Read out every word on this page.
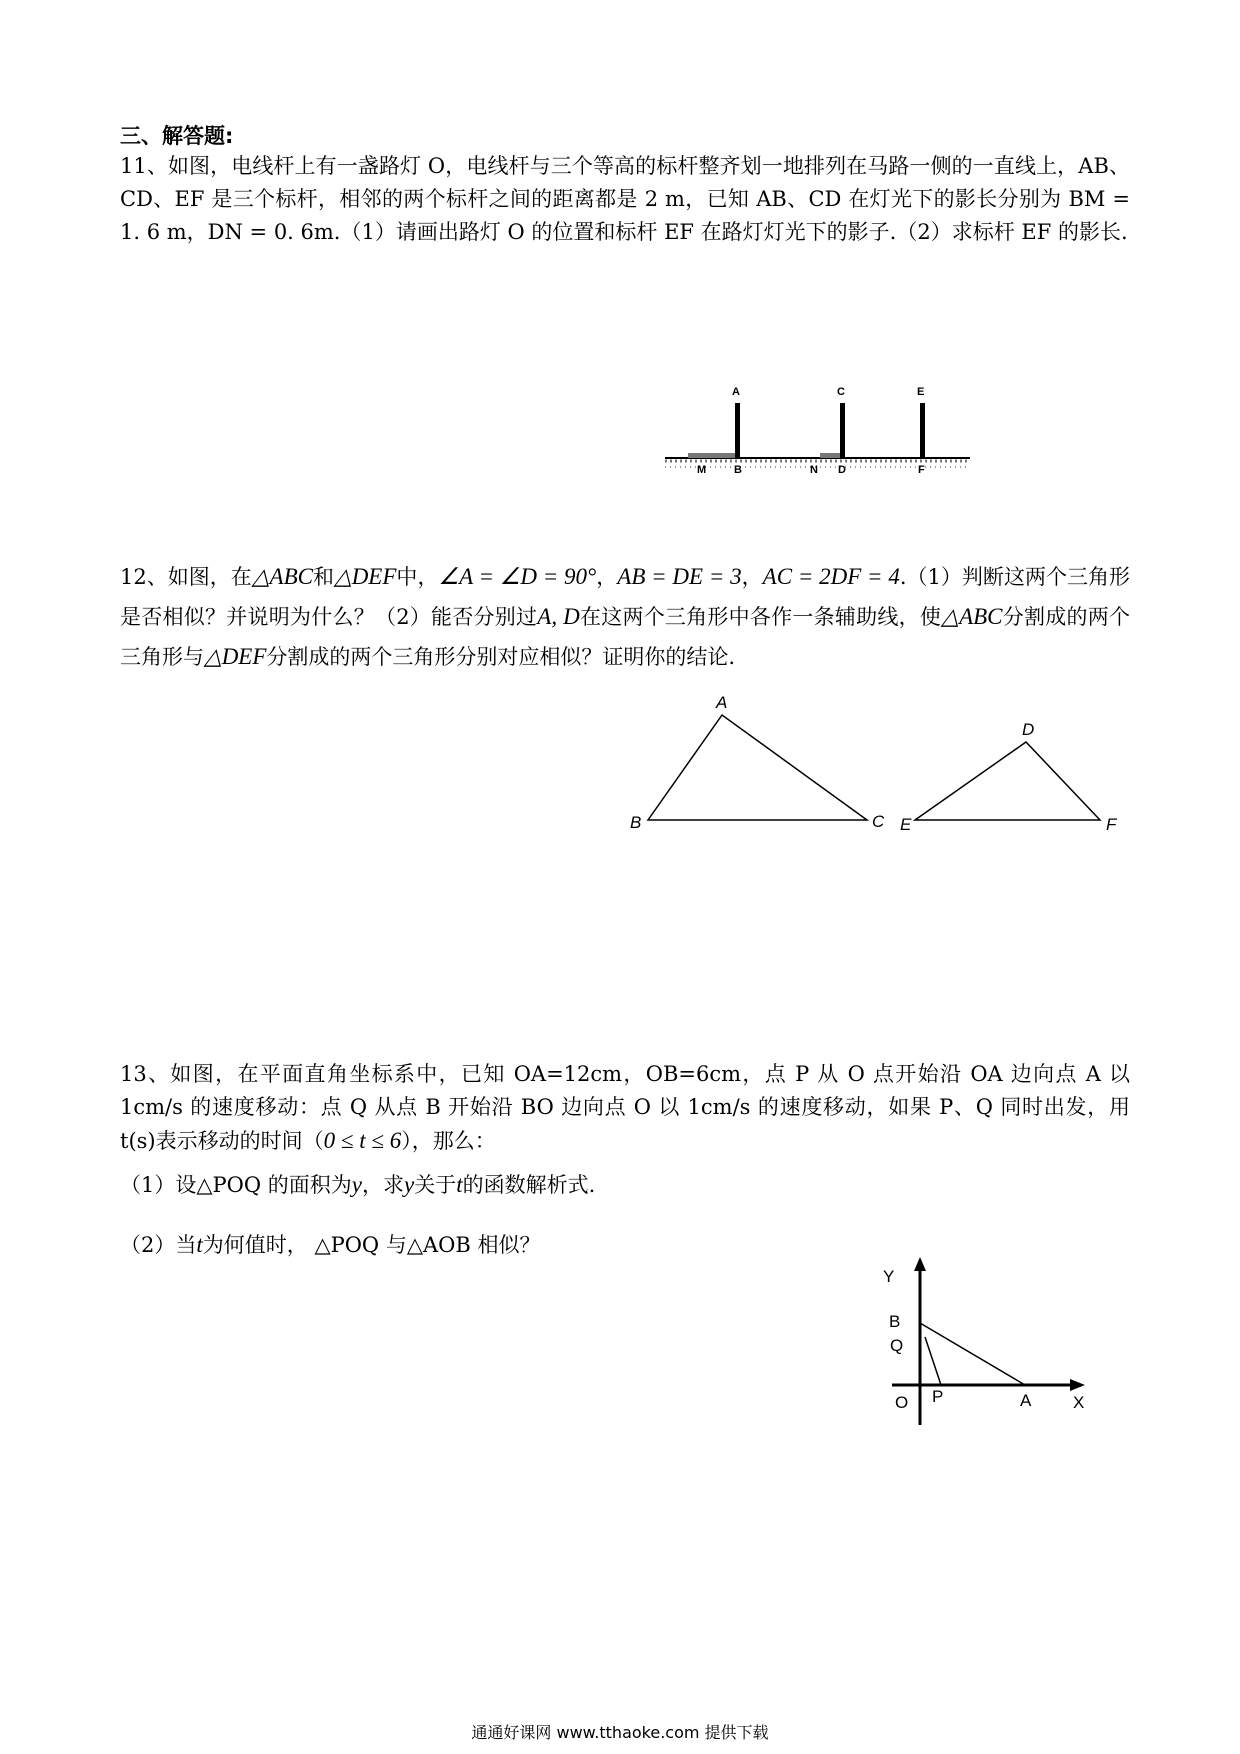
三、解答题:

11、如图，电线杆上有一盏路灯 O，电线杆与三个等高的标杆整齐划一地排列在马路一侧的一直线上，AB、CD、EF 是三个标杆，相邻的两个标杆之间的距离都是 2 m，已知 AB、CD 在灯光下的影长分别为 BM = 1. 6 m，DN = 0. 6m.（1）请画出路灯 O 的位置和标杆 EF 在路灯灯光下的影子.（2）求标杆 EF 的影长.

A	C	E
M	B	N D	F

12、如图，在△ABC和△DEF中，∠A = ∠D = 90°，AB = DE = 3，AC = 2DF = 4.（1）判断这两个三角形是否相似？并说明为什么？（2）能否分别过A, D在这两个三角形中各作一条辅助线，使△ABC分割成的两个三角形与△DEF分割成的两个三角形分别对应相似？证明你的结论.

A
B	C
D
E	F

13、如图，在平面直角坐标系中，已知 OA=12cm，OB=6cm，点 P 从 O 点开始沿 OA 边向点 A 以 1cm/s 的速度移动：点 Q 从点 B 开始沿 BO 边向点 O 以 1cm/s 的速度移动，如果 P、Q 同时出发，用 t(s)表示移动的时间（0 ≤ t ≤ 6），那么：

（1）设△POQ 的面积为y，求y关于t的函数解析式.

（2）当t为何值时， △POQ 与△AOB 相似？

Y
B
Q
O P	A X
通通好课网 www.tthaoke.com 提供下载
